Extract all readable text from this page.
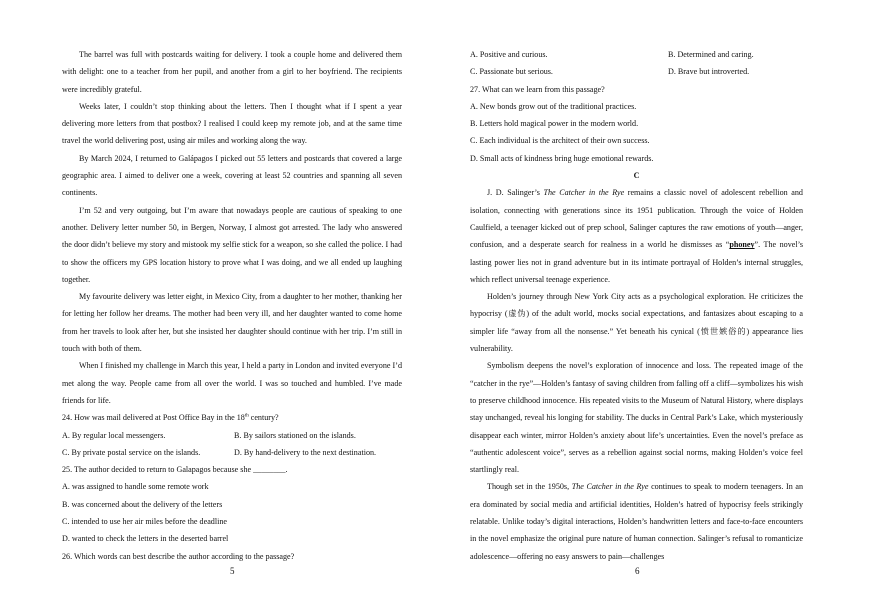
The barrel was full with postcards waiting for delivery. I took a couple home and delivered them with delight: one to a teacher from her pupil, and another from a girl to her boyfriend. The recipients were incredibly grateful.

Weeks later, I couldn’t stop thinking about the letters. Then I thought what if I spent a year delivering more letters from that postbox? I realised I could keep my remote job, and at the same time travel the world delivering post, using air miles and working along the way.

By March 2024, I returned to Galápagos I picked out 55 letters and postcards that covered a large geographic area. I aimed to deliver one a week, covering at least 52 countries and spanning all seven continents.

I’m 52 and very outgoing, but I’m aware that nowadays people are cautious of speaking to one another. Delivery letter number 50, in Bergen, Norway, I almost got arrested. The lady who answered the door didn’t believe my story and mistook my selfie stick for a weapon, so she called the police. I had to show the officers my GPS location history to prove what I was doing, and we all ended up laughing together.

My favourite delivery was letter eight, in Mexico City, from a daughter to her mother, thanking her for letting her follow her dreams. The mother had been very ill, and her daughter wanted to come home from her travels to look after her, but she insisted her daughter should continue with her trip. I’m still in touch with both of them.

When I finished my challenge in March this year, I held a party in London and invited everyone I’d met along the way. People came from all over the world. I was so touched and humbled. I’ve made friends for life.

24. How was mail delivered at Post Office Bay in the 18th century?

A. By regular local messengers.	B. By sailors stationed on the islands.
C. By private postal service on the islands.	D. By hand-delivery to the next destination.

25. The author decided to return to Galapagos because she ________.

A. was assigned to handle some remote work

B. was concerned about the delivery of the letters

C. intended to use her air miles before the deadline

D. wanted to check the letters in the deserted barrel

26. Which words can best describe the author according to the passage?

5
A. Positive and curious.	B. Determined and caring.
C. Passionate but serious.	D. Brave but introverted.

27. What can we learn from this passage?

A. New bonds grow out of the traditional practices.

B. Letters hold magical power in the modern world.

C. Each individual is the architect of their own success.

D. Small acts of kindness bring huge emotional rewards.

C

J. D. Salinger’s The Catcher in the Rye remains a classic novel of adolescent rebellion and isolation, connecting with generations since its 1951 publication. Through the voice of Holden Caulfield, a teenager kicked out of prep school, Salinger captures the raw emotions of youth—anger, confusion, and a desperate search for realness in a world he dismisses as “phoney”. The novel’s lasting power lies not in grand adventure but in its intimate portrayal of Holden’s internal struggles, which reflect universal teenage experience.

Holden’s journey through New York City acts as a psychological exploration. He criticizes the hypocrisy (虚伪) of the adult world, mocks social expectations, and fantasizes about escaping to a simpler life “away from all the nonsense.” Yet beneath his cynical (愤世嫉俗的) appearance lies vulnerability.

Symbolism deepens the novel’s exploration of innocence and loss. The repeated image of the “catcher in the rye”—Holden’s fantasy of saving children from falling off a cliff—symbolizes his wish to preserve childhood innocence. His repeated visits to the Museum of Natural History, where displays stay unchanged, reveal his longing for stability. The ducks in Central Park’s Lake, which mysteriously disappear each winter, mirror Holden’s anxiety about life’s uncertainties. Even the novel’s preface as “authentic adolescent voice”, serves as a rebellion against social norms, making Holden’s voice feel startlingly real.

Though set in the 1950s, The Catcher in the Rye continues to speak to modern teenagers. In an era dominated by social media and artificial identities, Holden’s hatred of hypocrisy feels strikingly relatable. Unlike today’s digital interactions, Holden’s handwritten letters and face-to-face encounters in the novel emphasize the original pure nature of human connection. Salinger’s refusal to romanticize adolescence—offering no easy answers to pain—challenges

6
